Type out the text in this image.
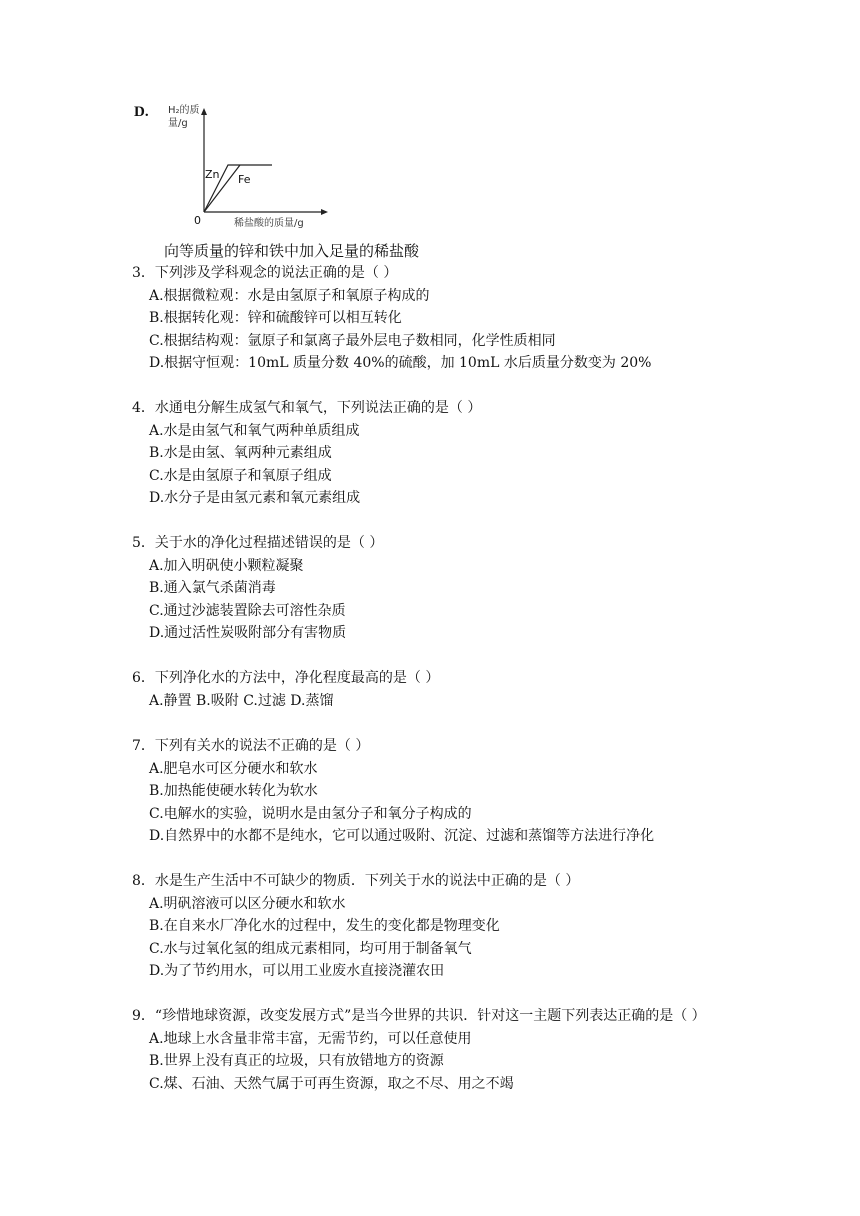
D. H₂的质
量/g
Zn Fe
0	稀盐酸的质量/g
向等质量的锌和铁中加入足量的稀盐酸

3．下列涉及学科观念的说法正确的是（ ）

A.根据微粒观：水是由氢原子和氧原子构成的

B.根据转化观：锌和硫酸锌可以相互转化

C.根据结构观：氩原子和氯离子最外层电子数相同，化学性质相同

D.根据守恒观：10mL 质量分数 40%的硫酸，加 10mL 水后质量分数变为 20%

4．水通电分解生成氢气和氧气，下列说法正确的是（ ）

A.水是由氢气和氧气两种单质组成

B.水是由氢、氧两种元素组成

C.水是由氢原子和氧原子组成

D.水分子是由氢元素和氧元素组成

5．关于水的净化过程描述错误的是（ ）

A.加入明矾使小颗粒凝聚

B.通入氯气杀菌消毒

C.通过沙滤装置除去可溶性杂质

D.通过活性炭吸附部分有害物质

6．下列净化水的方法中，净化程度最高的是（ ）

A.静置 B.吸附 C.过滤 D.蒸馏

7．下列有关水的说法不正确的是（ ）

A.肥皂水可区分硬水和软水

B.加热能使硬水转化为软水

C.电解水的实验，说明水是由氢分子和氧分子构成的

D.自然界中的水都不是纯水，它可以通过吸附、沉淀、过滤和蒸馏等方法进行净化

8．水是生产生活中不可缺少的物质．下列关于水的说法中正确的是（ ）

A.明矾溶液可以区分硬水和软水

B.在自来水厂净化水的过程中，发生的变化都是物理变化

C.水与过氧化氢的组成元素相同，均可用于制备氧气

D.为了节约用水，可以用工业废水直接浇灌农田

9．“珍惜地球资源，改变发展方式”是当今世界的共识．针对这一主题下列表达正确的是（ ）

A.地球上水含量非常丰富，无需节约，可以任意使用

B.世界上没有真正的垃圾，只有放错地方的资源

C.煤、石油、天然气属于可再生资源，取之不尽、用之不竭
